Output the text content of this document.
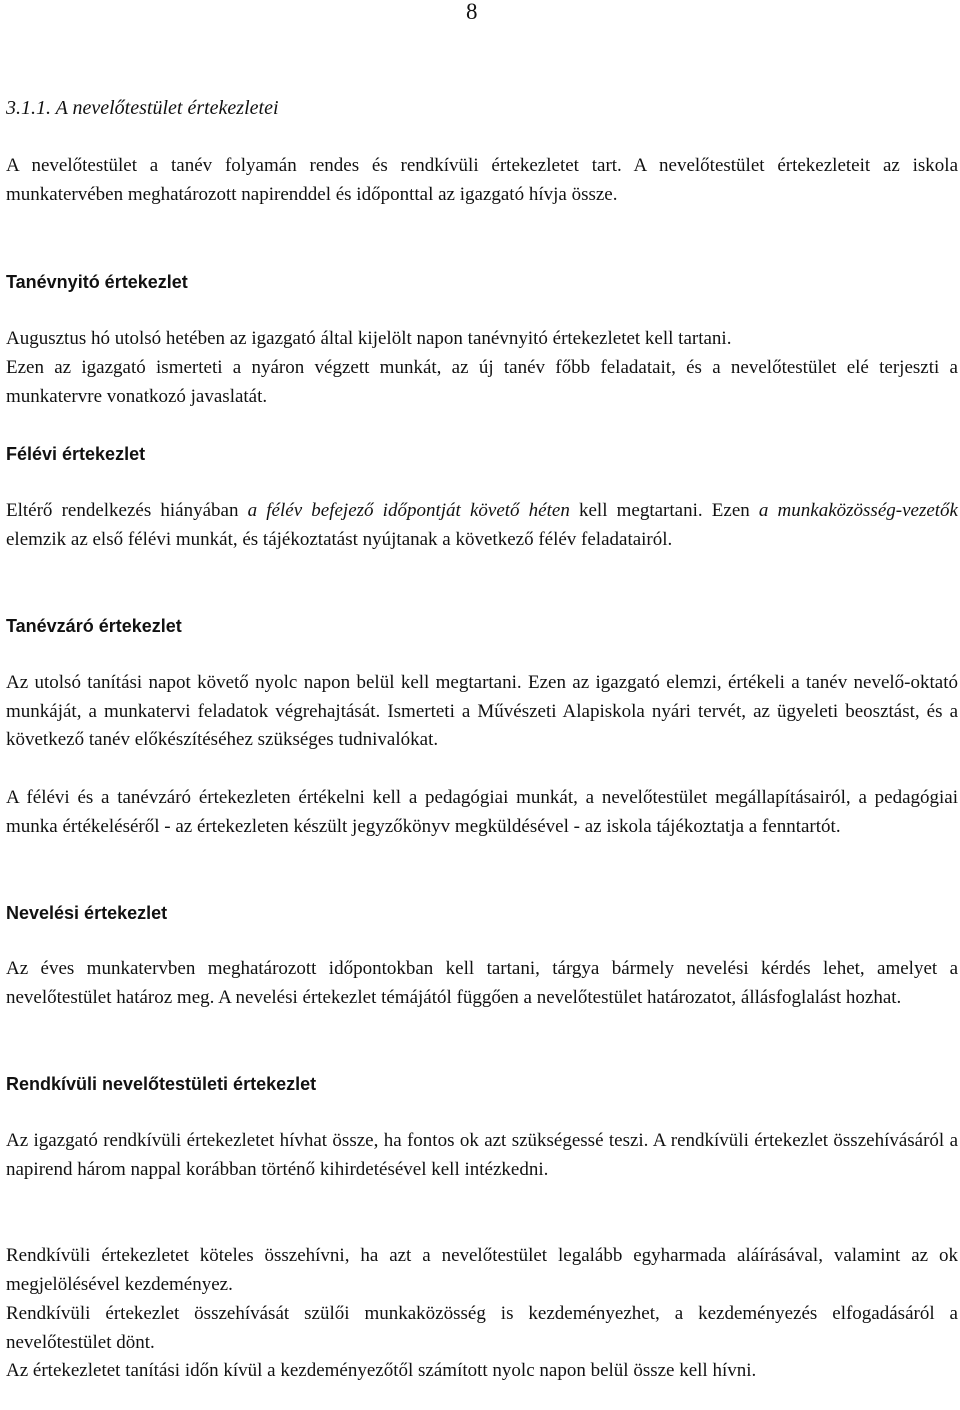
8

3.1.1. A nevelőtestület értekezletei

A nevelőtestület a tanév folyamán rendes és rendkívüli értekezletet tart. A nevelőtestület értekezleteit az iskola munkatervében meghatározott napirenddel és időponttal az igazgató hívja össze.

Tanévnyitó értekezlet

Augusztus hó utolsó hetében az igazgató által kijelölt napon tanévnyitó értekezletet kell tartani.

Ezen az igazgató ismerteti a nyáron végzett munkát, az új tanév főbb feladatait, és a nevelőtestület elé terjeszti a munkatervre vonatkozó javaslatát.

Félévi értekezlet

Eltérő rendelkezés hiányában a félév befejező időpontját követő héten kell megtartani. Ezen a munkaközösség-vezetők elemzik az első félévi munkát, és tájékoztatást nyújtanak a következő félév feladatairól.

Tanévzáró értekezlet

Az utolsó tanítási napot követő nyolc napon belül kell megtartani. Ezen az igazgató elemzi, értékeli a tanév nevelő-oktató munkáját, a munkatervi feladatok végrehajtását. Ismerteti a Művészeti Alapiskola nyári tervét, az ügyeleti beosztást, és a következő tanév előkészítéséhez szükséges tudnivalókat.

A félévi és a tanévzáró értekezleten értékelni kell a pedagógiai munkát, a nevelőtestület megállapításairól, a pedagógiai munka értékeléséről - az értekezleten készült jegyzőkönyv megküldésével - az iskola tájékoztatja a fenntartót.

Nevelési értekezlet

Az éves munkatervben meghatározott időpontokban kell tartani, tárgya bármely nevelési kérdés lehet, amelyet a nevelőtestület határoz meg. A nevelési értekezlet témájától függően a nevelőtestület határozatot, állásfoglalást hozhat.

Rendkívüli nevelőtestületi értekezlet

Az igazgató rendkívüli értekezletet hívhat össze, ha fontos ok azt szükségessé teszi. A rendkívüli értekezlet összehívásáról a napirend három nappal korábban történő kihirdetésével kell intézkedni.

Rendkívüli értekezletet köteles összehívni, ha azt a nevelőtestület legalább egyharmada aláírásával, valamint az ok megjelölésével kezdeményez.

Rendkívüli értekezlet összehívását szülői munkaközösség is kezdeményezhet, a kezdeményezés elfogadásáról a nevelőtestület dönt.

Az értekezletet tanítási időn kívül a kezdeményezőtől számított nyolc napon belül össze kell hívni.
